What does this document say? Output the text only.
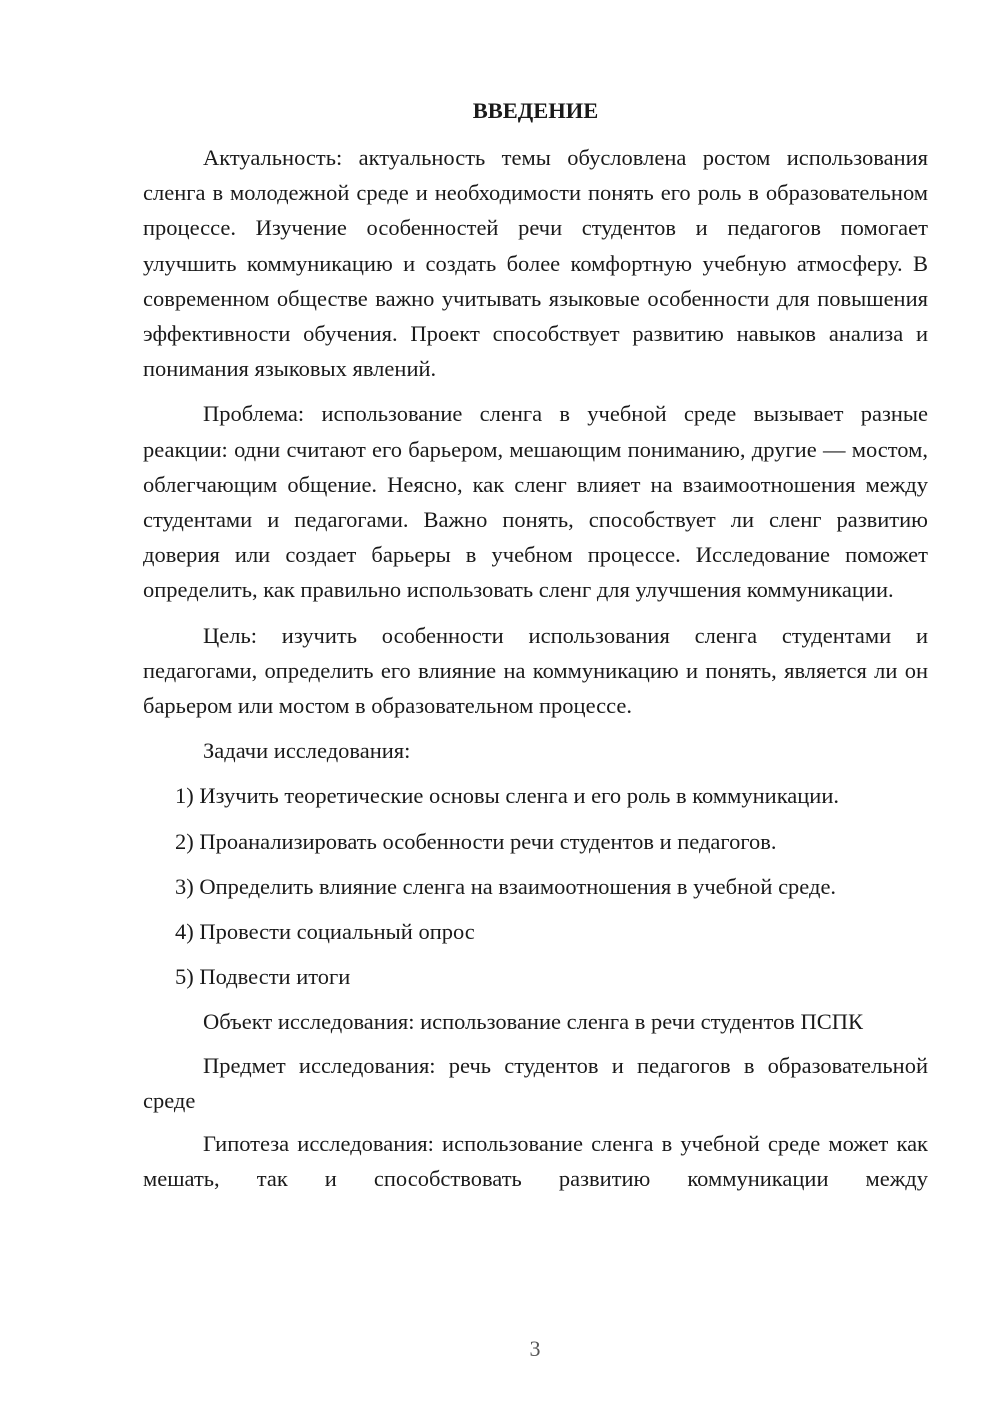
ВВЕДЕНИЕ

Актуальность: актуальность темы обусловлена ростом использования сленга в молодежной среде и необходимости понять его роль в образовательном процессе. Изучение особенностей речи студентов и педагогов помогает улучшить коммуникацию и создать более комфортную учебную атмосферу. В современном обществе важно учитывать языковые особенности для повышения эффективности обучения. Проект способствует развитию навыков анализа и понимания языковых явлений.

Проблема: использование сленга в учебной среде вызывает разные реакции: одни считают его барьером, мешающим пониманию, другие — мостом, облегчающим общение. Неясно, как сленг влияет на взаимоотношения между студентами и педагогами. Важно понять, способствует ли сленг развитию доверия или создает барьеры в учебном процессе. Исследование поможет определить, как правильно использовать сленг для улучшения коммуникации.

Цель: изучить особенности использования сленга студентами и педагогами, определить его влияние на коммуникацию и понять, является ли он барьером или мостом в образовательном процессе.

Задачи исследования:

1) Изучить теоретические основы сленга и его роль в коммуникации.
2) Проанализировать особенности речи студентов и педагогов.
3) Определить влияние сленга на взаимоотношения в учебной среде.
4) Провести социальный опрос
5) Подвести итоги

Объект исследования: использование сленга в речи студентов ПСПК

Предмет исследования: речь студентов и педагогов в образовательной среде

Гипотеза исследования: использование сленга в учебной среде может как мешать, так и способствовать развитию коммуникации между

3
